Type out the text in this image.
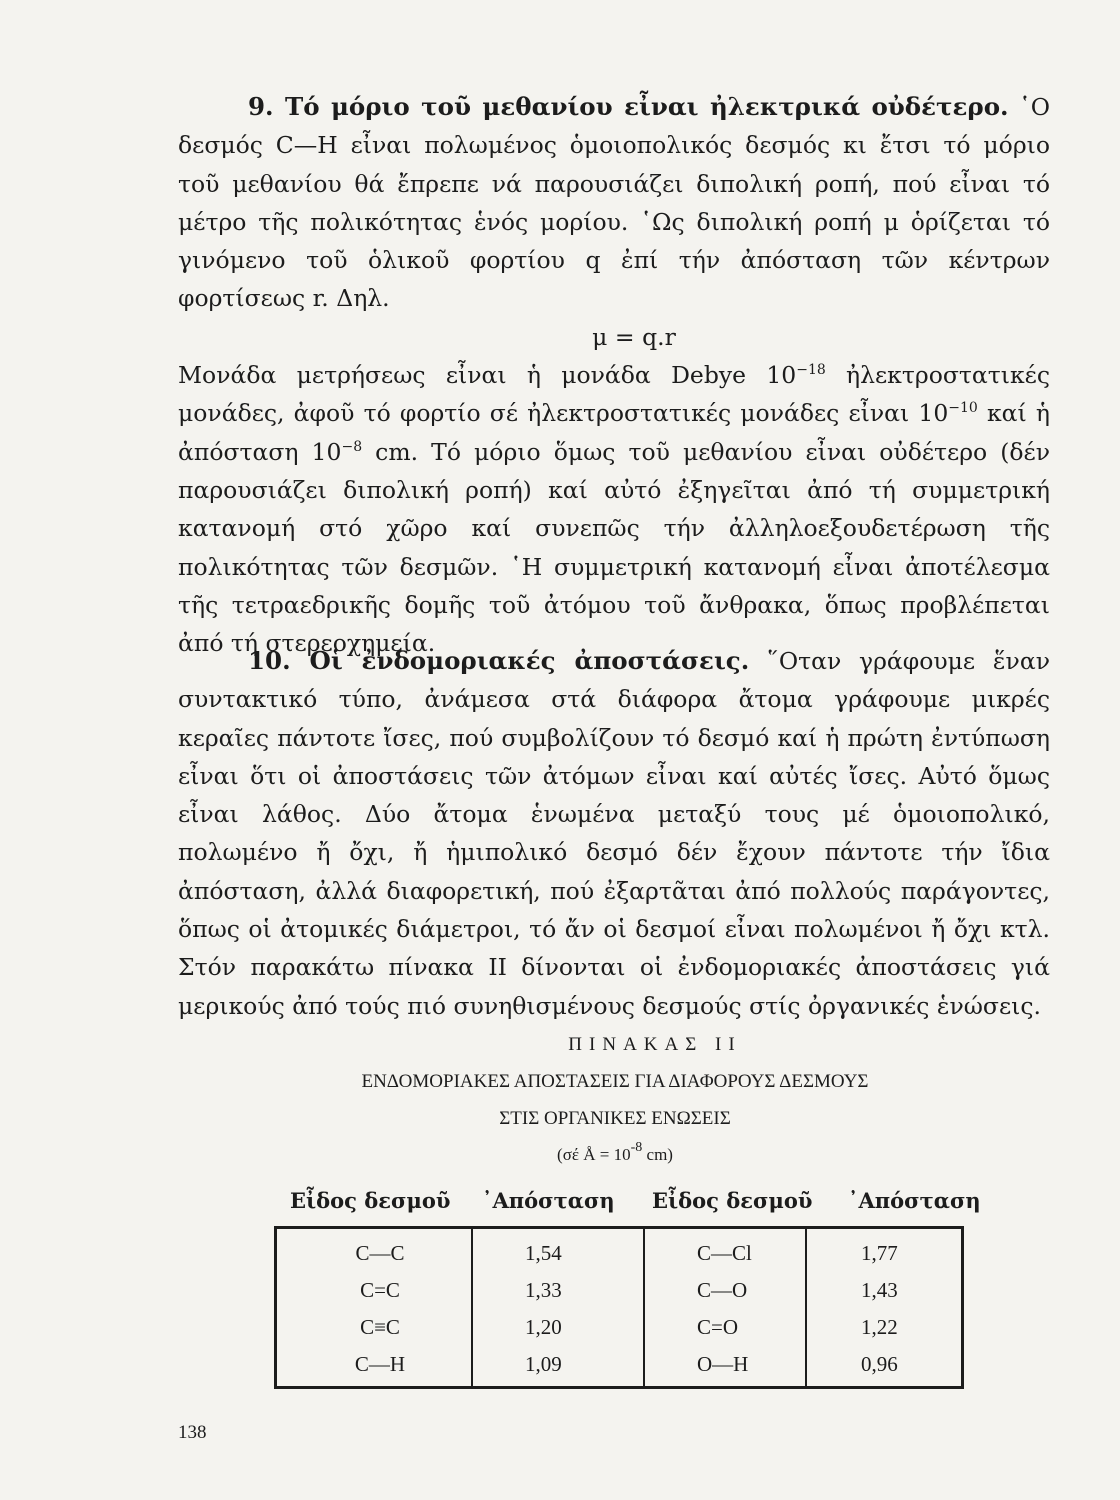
9. Τό μόριο τοῦ μεθανίου εἶναι ἠλεκτρικά οὐδέτερο. ῾Ο δεσμός C—H εἶναι πολωμένος ὁμοιοπολικός δεσμός κι ἔτσι τό μόριο τοῦ μεθανίου θά ἔπρεπε νά παρουσιάζει διπολική ροπή, πού εἶναι τό μέτρο τῆς πολικότητας ἑνός μορίου. ῾Ως διπολική ροπή μ ὁρίζεται τό γινόμενο τοῦ ὁλικοῦ φορτίου q ἐπί τήν ἀπόσταση τῶν κέντρων φορτίσεως r. Δηλ.

μ = q.r

Μονάδα μετρήσεως εἶναι ἡ μονάδα Debye $10^{-18}$ ἠλεκτροστατικές μονάδες, ἀφοῦ τό φορτίο σέ ἠλεκτροστατικές μονάδες εἶναι $10^{-10}$ καί ἡ ἀπόσταση $10^{-8}$ cm. Τό μόριο ὅμως τοῦ μεθανίου εἶναι οὐδέτερο (δέν παρουσιάζει διπολική ροπή) καί αὐτό ἐξηγεῖται ἀπό τή συμμετρική κατανομή στό χῶρο καί συνεπῶς τήν ἀλληλοεξουδετέρωση τῆς πολικότητας τῶν δεσμῶν. ῾Η συμμετρική κατανομή εἶναι ἀποτέλεσμα τῆς τετραεδρικῆς δομῆς τοῦ ἀτόμου τοῦ ἄνθρακα, ὅπως προβλέπεται ἀπό τή στερεοχημεία.

10. Οἱ ἐνδομοριακές ἀποστάσεις. ῞Οταν γράφουμε ἕναν συντακτικό τύπο, ἀνάμεσα στά διάφορα ἄτομα γράφουμε μικρές κεραῖες πάντοτε ἴσες, πού συμβολίζουν τό δεσμό καί ἡ πρώτη ἐντύπωση εἶναι ὅτι οἱ ἀποστάσεις τῶν ἀτόμων εἶναι καί αὐτές ἴσες. Αὐτό ὅμως εἶναι λάθος. Δύο ἄτομα ἑνωμένα μεταξύ τους μέ ὁμοιοπολικό, πολωμένο ἤ ὄχι, ἤ ἡμιπολικό δεσμό δέν ἔχουν πάντοτε τήν ἴδια ἀπόσταση, ἀλλά διαφορετική, πού ἐξαρτᾶται ἀπό πολλούς παράγοντες, ὅπως οἱ ἀτομικές διάμετροι, τό ἄν οἱ δεσμοί εἶναι πολωμένοι ἤ ὄχι κτλ. Στόν παρακάτω πίνακα II δίνονται οἱ ἐνδομοριακές ἀποστάσεις γιά μερικούς ἀπό τούς πιό συνηθισμένους δεσμούς στίς ὀργανικές ἑνώσεις.

ΠΙΝΑΚΑΣ II
ΕΝΔΟΜΟΡΙΑΚΕΣ ΑΠΟΣΤΑΣΕΙΣ ΓΙΑ ΔΙΑΦΟΡΟΥΣ ΔΕΣΜΟΥΣ
ΣΤΙΣ ΟΡΓΑΝΙΚΕΣ ΕΝΩΣΕΙΣ
(σέ Å = $10^{-8}$ cm)
Εἶδος δεσμοῦ ᾿Απόσταση Εἶδος δεσμοῦ ᾿Απόσταση
C—C
C=C
C≡C
C—H
1,54
1,33
1,20
1,09
C—Cl
C—O
C=O
O—H
1,77
1,43
1,22
0,96
138
